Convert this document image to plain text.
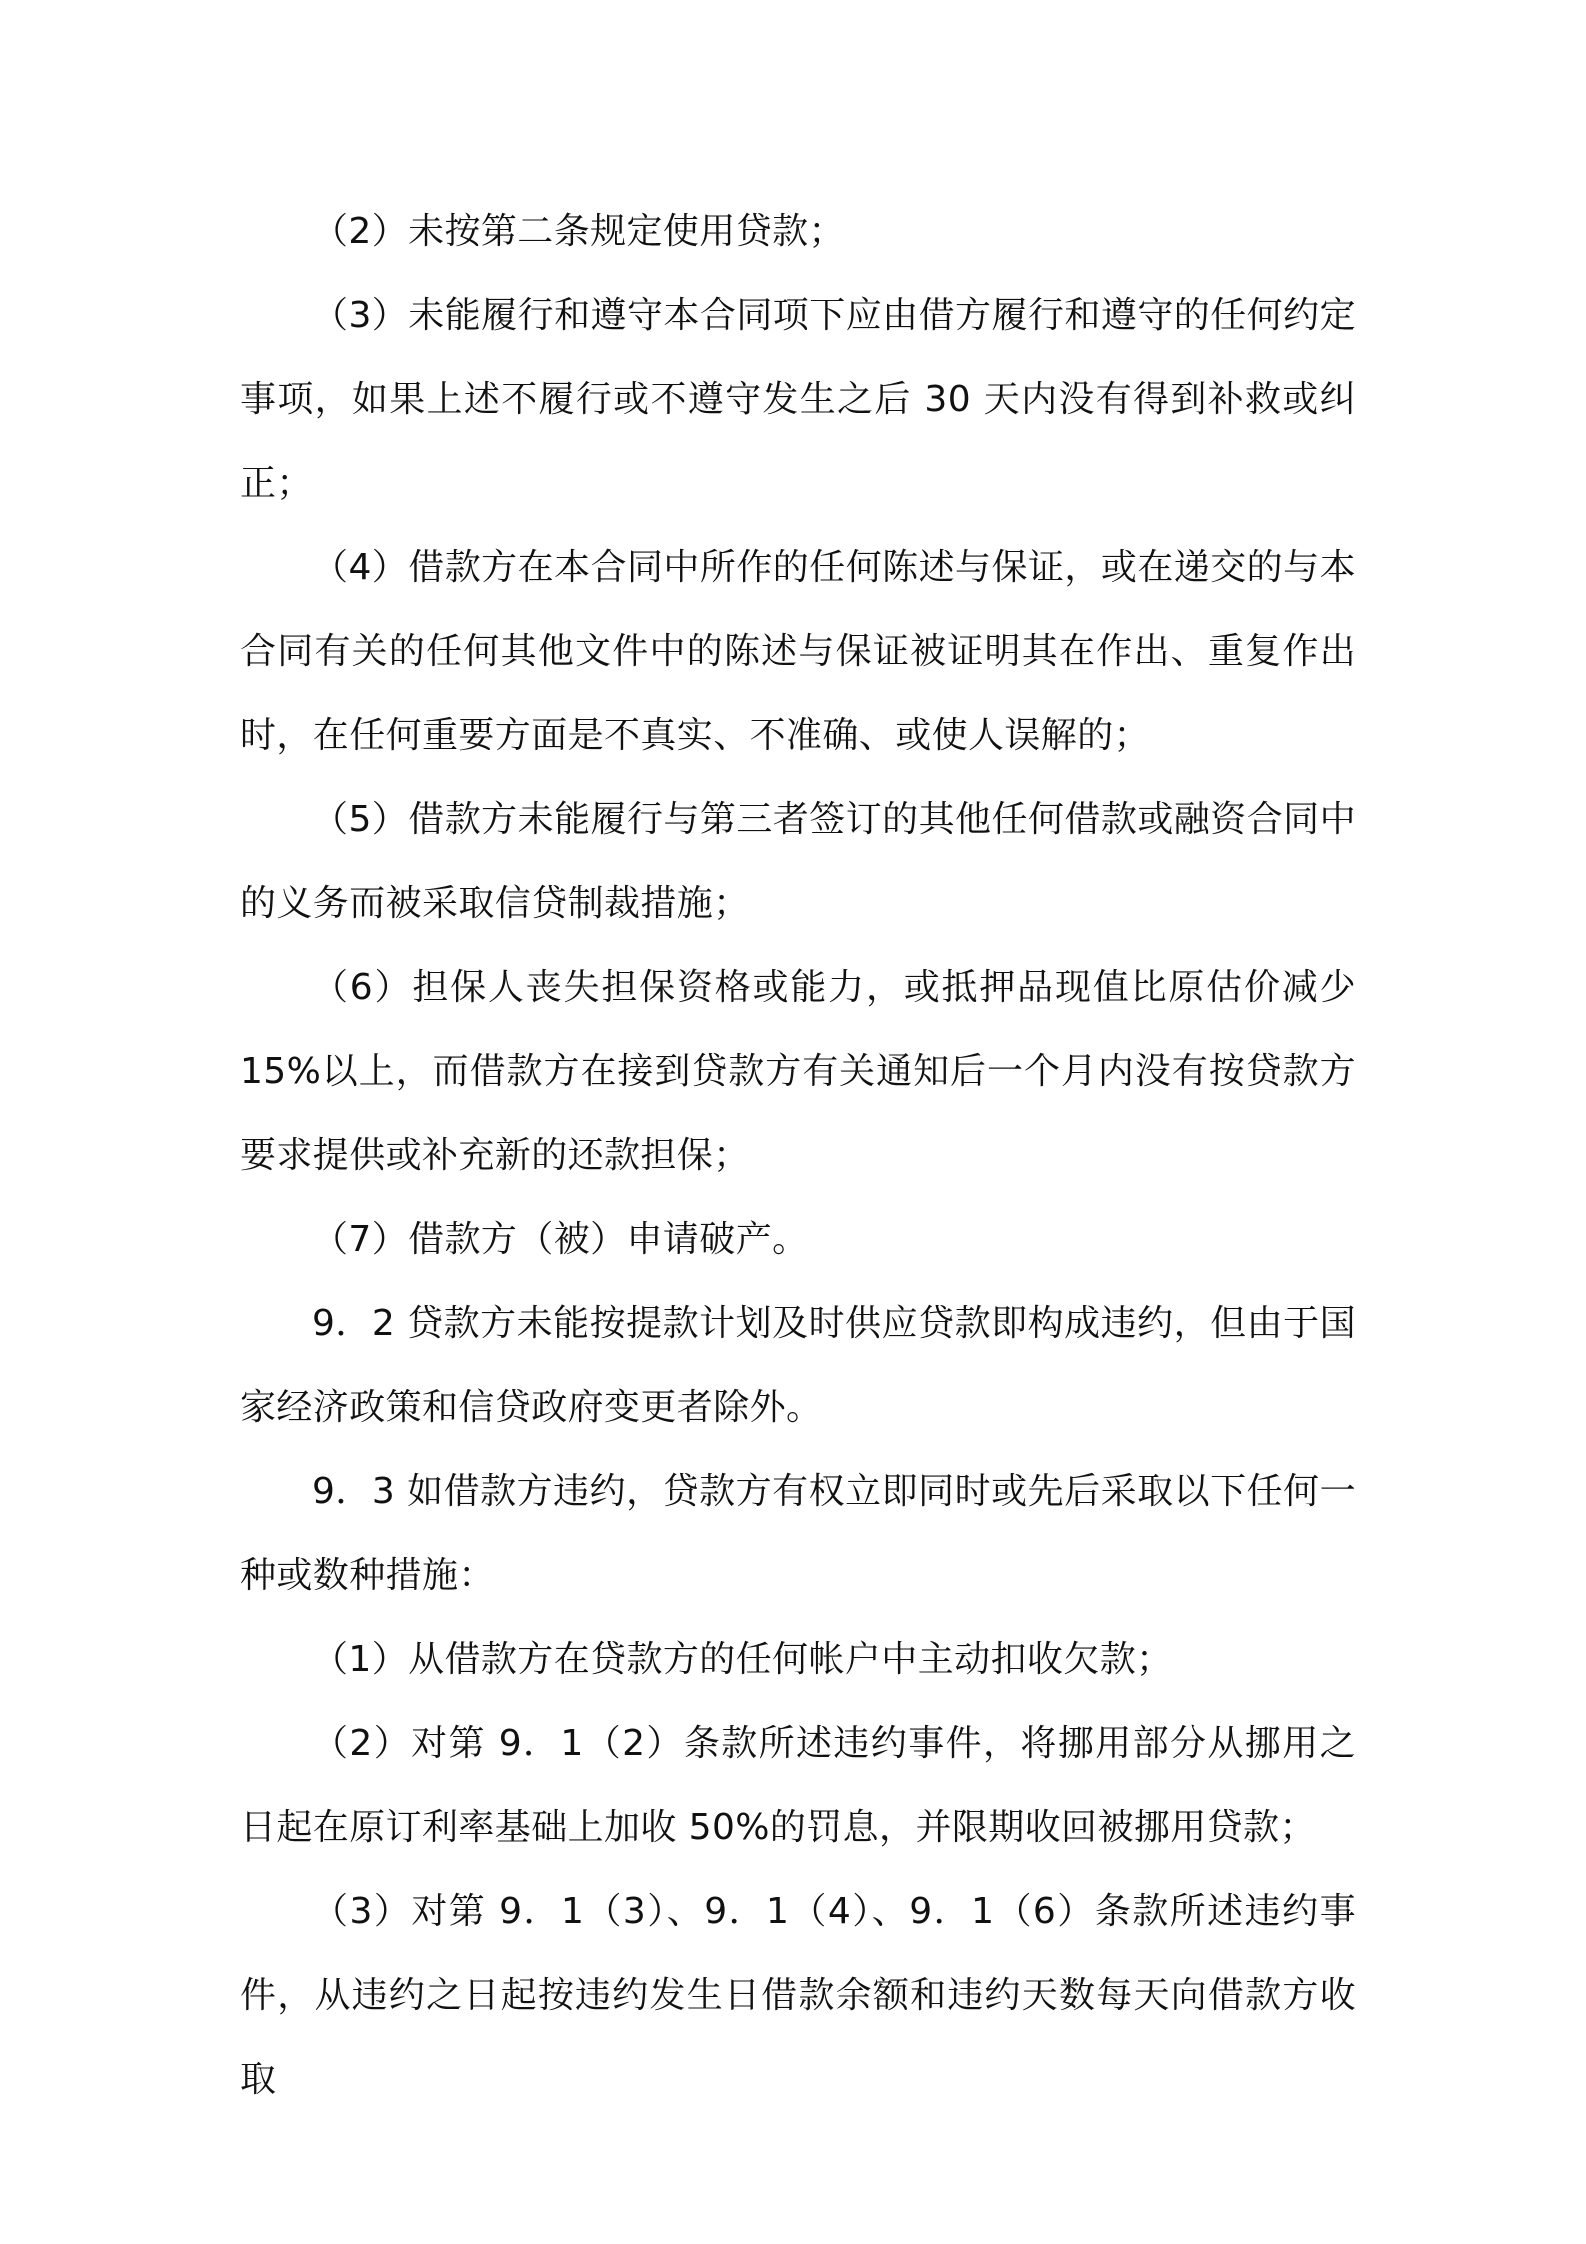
（2）未按第二条规定使用贷款；

（3）未能履行和遵守本合同项下应由借方履行和遵守的任何约定事项，如果上述不履行或不遵守发生之后 30 天内没有得到补救或纠正；

（4）借款方在本合同中所作的任何陈述与保证，或在递交的与本合同有关的任何其他文件中的陈述与保证被证明其在作出、重复作出时，在任何重要方面是不真实、不准确、或使人误解的；

（5）借款方未能履行与第三者签订的其他任何借款或融资合同中的义务而被采取信贷制裁措施；

（6）担保人丧失担保资格或能力，或抵押品现值比原估价减少15%以上，而借款方在接到贷款方有关通知后一个月内没有按贷款方要求提供或补充新的还款担保；

（7）借款方（被）申请破产。

9．2 贷款方未能按提款计划及时供应贷款即构成违约，但由于国家经济政策和信贷政府变更者除外。

9．3 如借款方违约，贷款方有权立即同时或先后采取以下任何一种或数种措施：

（1）从借款方在贷款方的任何帐户中主动扣收欠款；

（2）对第 9．1（2）条款所述违约事件，将挪用部分从挪用之日起在原订利率基础上加收 50%的罚息，并限期收回被挪用贷款；

（3）对第 9．1（3）、9．1（4）、9．1（6）条款所述违约事件，从违约之日起按违约发生日借款余额和违约天数每天向借款方收取
